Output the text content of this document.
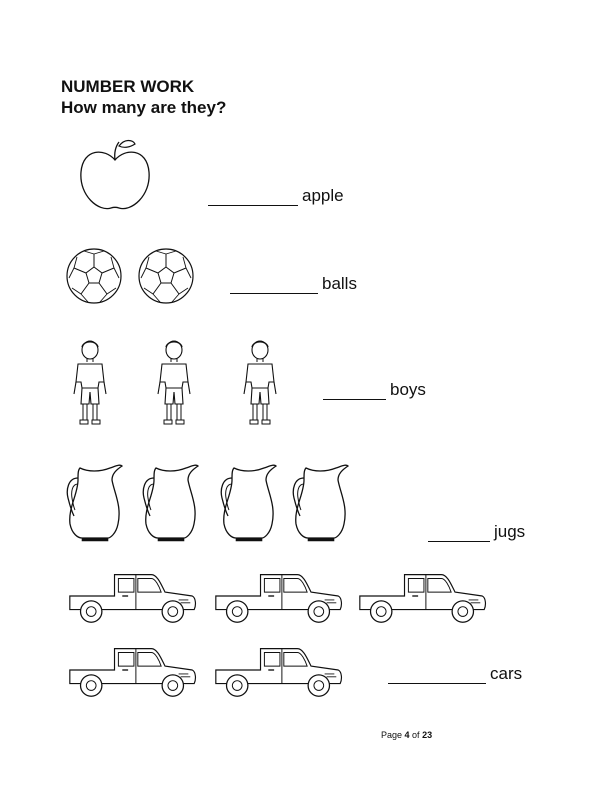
NUMBER WORK
How many are they?
apple
balls
boys
jugs
cars
Page 4 of 23
